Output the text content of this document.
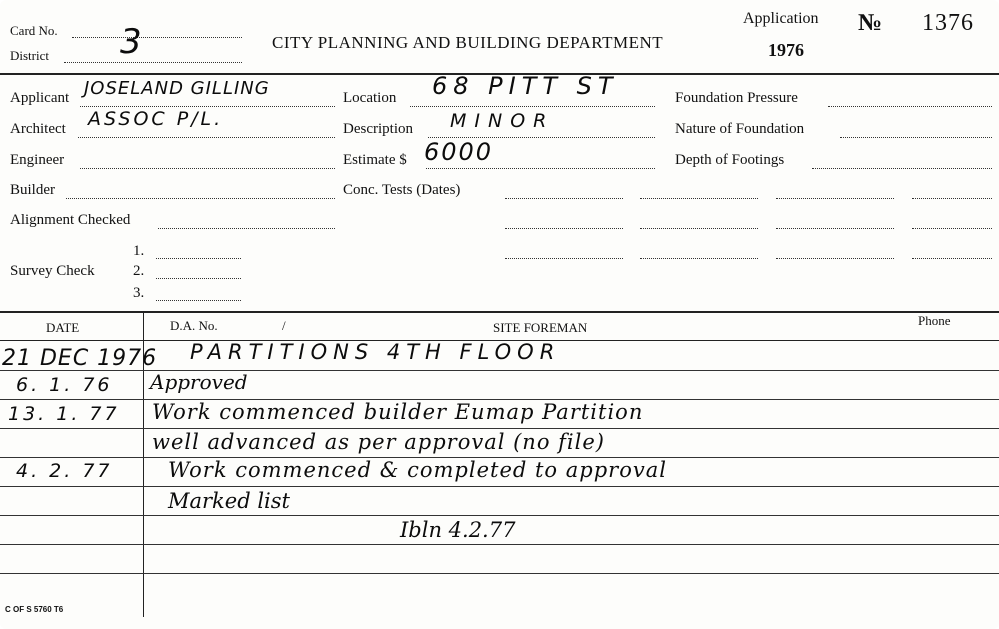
Card No.
District 3	CITY PLANNING AND BUILDING DEPARTMENT
Application
1976
№ 1376
Applicant JOSELAND GILLING
Architect ASSOC P/L.
Engineer
Builder
Alignment Checked
Survey Check
1.
2.
3.
Location 68 PITT ST
Description MINOR
Estimate $ 6000
Conc. Tests (Dates)
Foundation Pressure
Nature of Foundation
Depth of Footings
DATE	D.A. No.	/	SITE FOREMAN	Phone
21 DEC 1976 PARTITIONS 4TH FLOOR
6. 1. 76 Approved
13. 1. 77 Work commenced builder Eumap Partition
well advanced as per approval (no file)
4. 2. 77	Work commenced & completed to approval
Marked list
Ibln 4.2.77
C OF S 5760 T6
